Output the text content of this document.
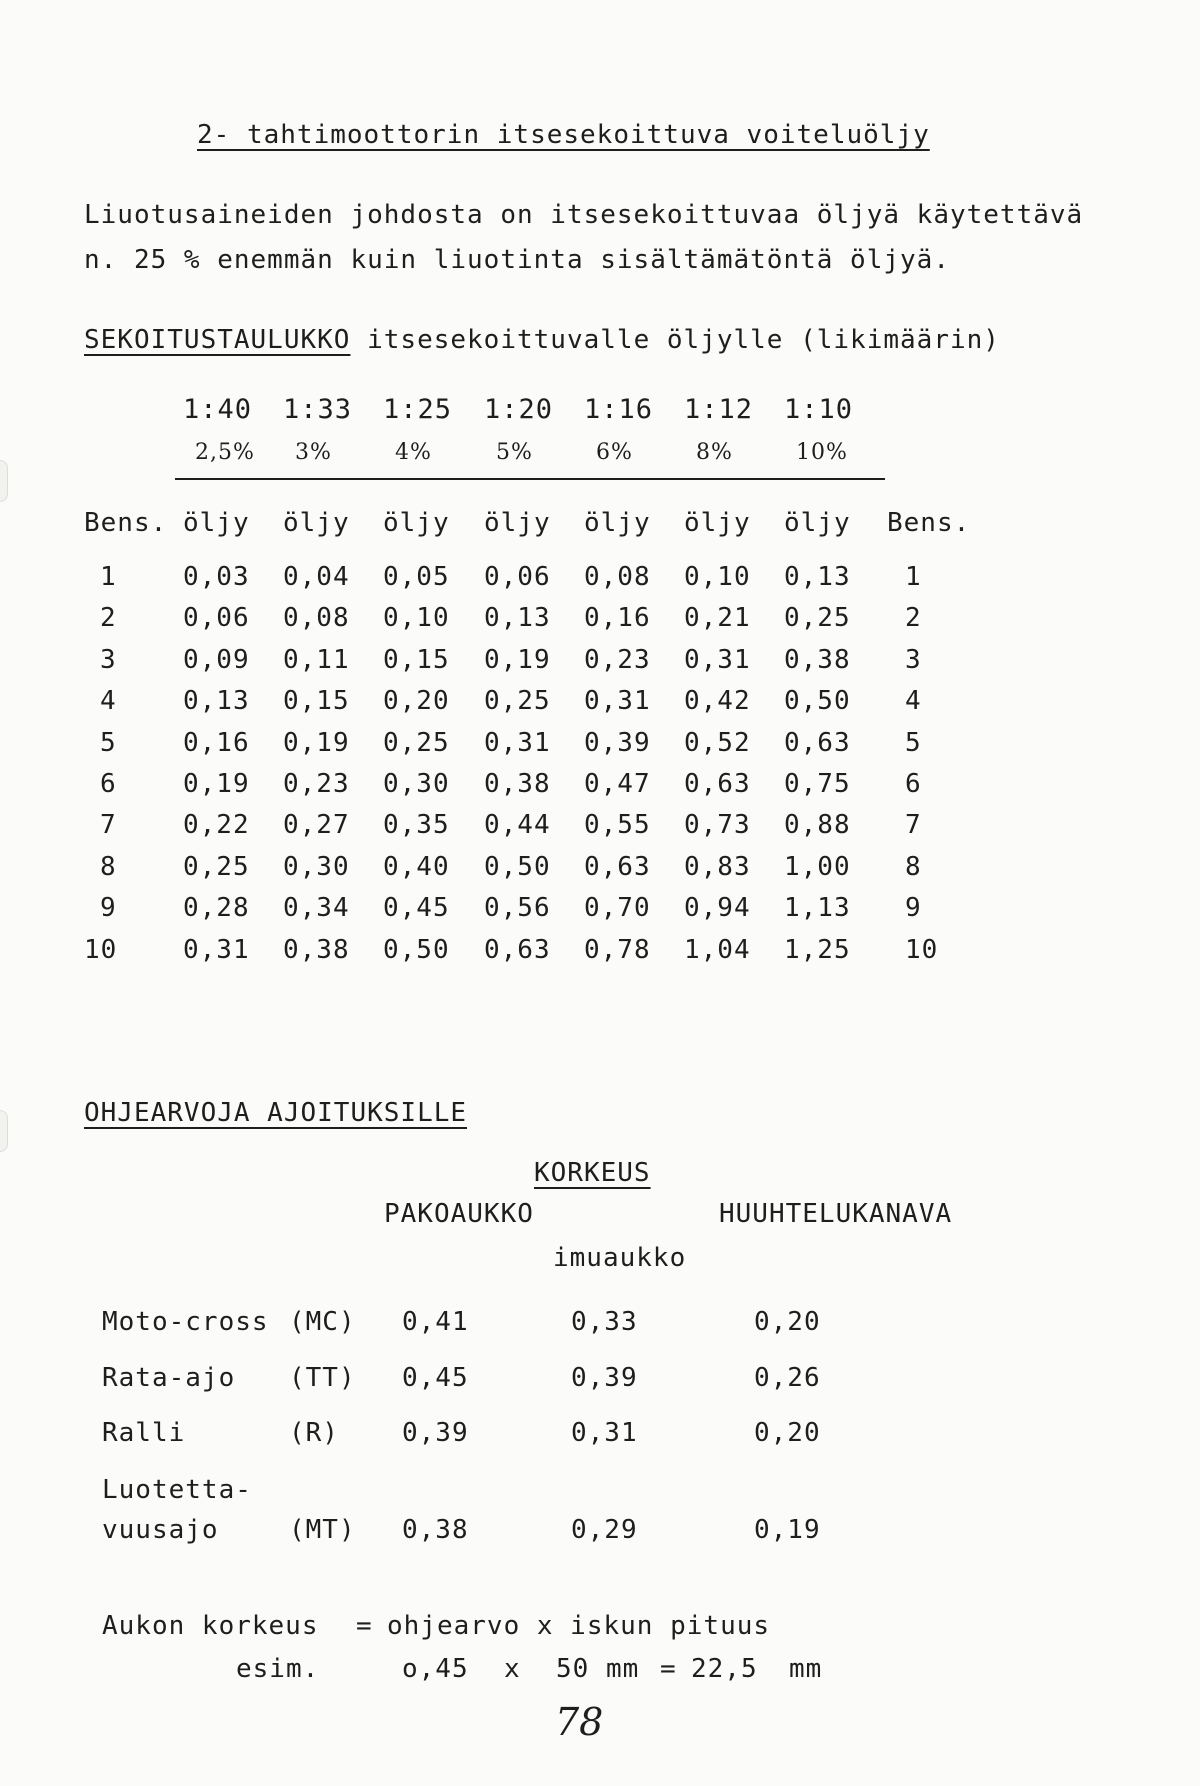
2- tahtimoottorin itsesekoittuva voiteluöljy
Liuotusaineiden johdosta on itsesekoittuvaa öljyä käytettävä
n. 25 % enemmän kuin liuotinta sisältämätöntä öljyä.
SEKOITUSTAULUKKO itsesekoittuvalle öljylle (likimäärin)
1:40 1:33 1:25 1:20 1:16 1:12 1:10
2,5% 3%	4%	5%	6%	8%	10%
Bens.	Bens.
öljy öljy öljy öljy öljy öljy öljy
1	0,03 0,04 0,05 0,06 0,08 0,10 0,13 1
2	0,06 0,08 0,10 0,13 0,16 0,21 0,25 2
3	0,09 0,11 0,15 0,19 0,23 0,31 0,38 3
4	0,13 0,15 0,20 0,25 0,31 0,42 0,50 4
5	0,16 0,19 0,25 0,31 0,39 0,52 0,63 5
6	0,19 0,23 0,30 0,38 0,47 0,63 0,75 6
7	0,22 0,27 0,35 0,44 0,55 0,73 0,88 7
8	0,25 0,30 0,40 0,50 0,63 0,83 1,00 8
9	0,28 0,34 0,45 0,56 0,70 0,94 1,13 9
10	0,31 0,38 0,50 0,63 0,78 1,04 1,25 10
OHJEARVOJA AJOITUKSILLE
KORKEUS
PAKOAUKKO	HUUHTELUKANAVA
imuaukko
Moto-cross (MC) 0,41	0,33	0,20
Rata-ajo (TT) 0,45	0,39	0,26
Ralli	(R) 0,39	0,31	0,20
Luotetta-
vuusajo	(MT) 0,38	0,29	0,19
Aukon korkeus = ohjearvo x iskun pituus
esim.	o,45 x 50 mm = 22,5 mm
78
